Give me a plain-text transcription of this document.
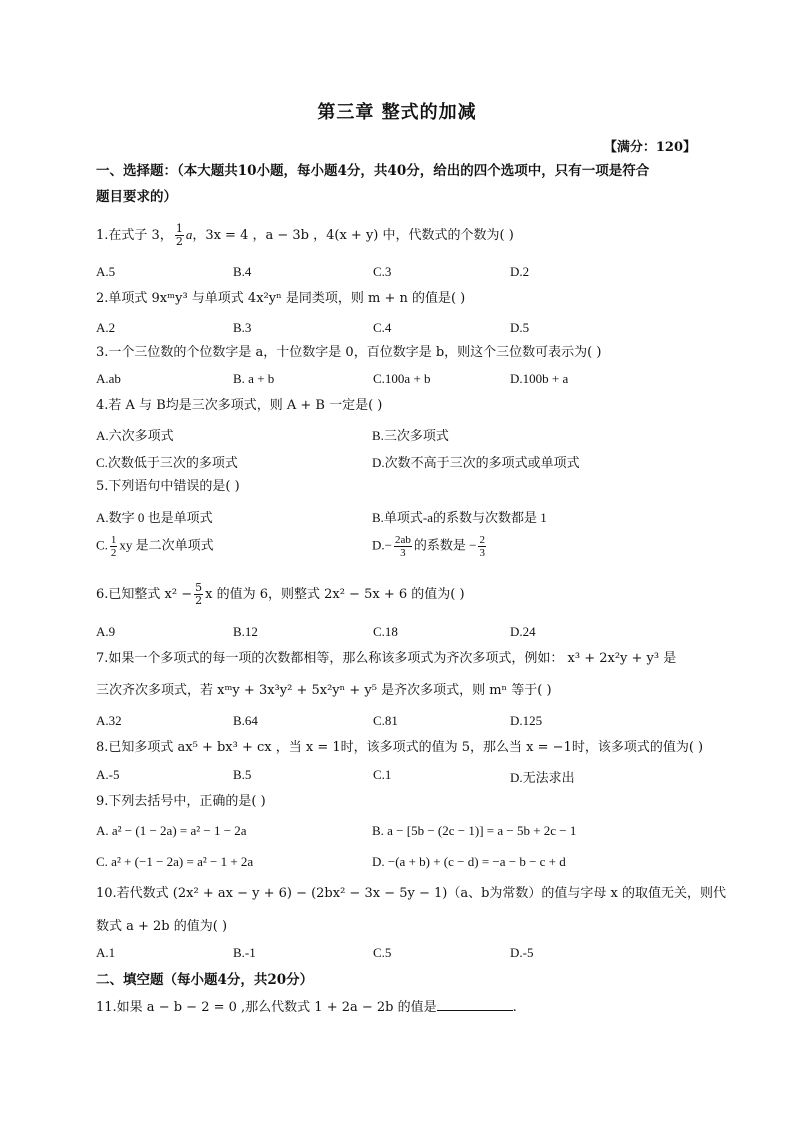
第三章 整式的加减
【满分：120】
一、选择题：（本大题共10小题，每小题4分，共40分，给出的四个选项中，只有一项是符合
题目要求的）
1.在式子 3， $\frac{1}{2}$ a，3x = 4 ，a − 3b ，4(x + y) 中，代数式的个数为( )
A.5	B.4	C.3	D.2
2.单项式 9xᵐy³ 与单项式 4x²yⁿ 是同类项，则 m + n 的值是( )
A.2	B.3	C.4	D.5
3.一个三位数的个位数字是 a，十位数字是 0，百位数字是 b，则这个三位数可表示为( )
A.ab	B. a + b	C.100a + b	D.100b + a
4.若 A 与 B均是三次多项式，则 A + B 一定是( )
A.六次多项式	B.三次多项式
C.次数低于三次的多项式	D.次数不高于三次的多项式或单项式
5.下列语句中错误的是( )
A.数字 0 也是单项式	B.单项式-a的系数与次数都是 1
C. $\frac{1}{2}$ xy 是二次单项式	$D.- \frac{2ab}{3}$ 的系数是 − $\frac{2}{3}$
6.已知整式 $x^2 - \frac{5}{2}$ x 的值为 6，则整式 2x² − 5x + 6 的值为( )
A.9	B.12	C.18	D.24
7.如果一个多项式的每一项的次数都相等，那么称该多项式为齐次多项式，例如： x³ + 2x²y + y³ 是
三次齐次多项式，若 xᵐy + 3x³y² + 5x²yⁿ + y⁵ 是齐次多项式，则 mⁿ 等于( )
A.32	B.64	C.81	D.125
8.已知多项式 ax⁵ + bx³ + cx ，当 x = 1时，该多项式的值为 5，那么当 x = −1时，该多项式的值为( )
A.-5	B.5	C.1	D.无法求出
9.下列去括号中，正确的是( )
A. a² − (1 − 2a) = a² − 1 − 2a	B. a − [5b − (2c − 1)] = a − 5b + 2c − 1
C. a² + (−1 − 2a) = a² − 1 + 2a	D. −(a + b) + (c − d) = −a − b − c + d
10.若代数式 (2x² + ax − y + 6) − (2bx² − 3x − 5y − 1)（a、b为常数）的值与字母 x 的取值无关，则代
数式 a + 2b 的值为( )
A.1	B.-1	C.5	D.-5
二、填空题（每小题4分，共20分）
11.如果 a − b − 2 = 0 ,那么代数式 1 + 2a − 2b 的值是	.
